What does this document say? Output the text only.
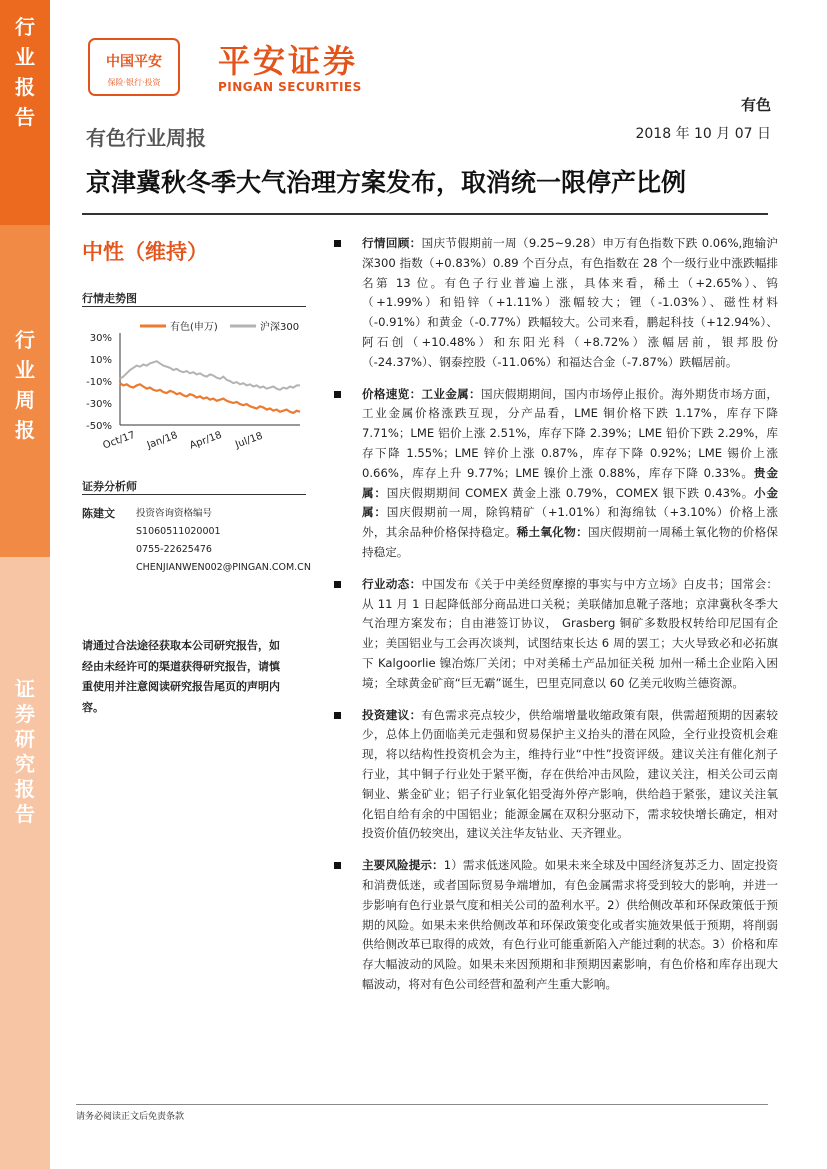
行业报告
行业周报
证券研究报告
中国平安
保险·银行·投资
平安证券
PINGAN SECURITIES
有色
2018 年 10 月 07 日
有色行业周报
京津冀秋冬季大气治理方案发布，取消统一限停产比例
中性（维持）
行情走势图
30%
10%
-10%
-30%
-50%
Oct/17 Jan/18 Apr/18 Jul/18
有色(申万)	沪深300
证券分析师
陈建文 投资咨询资格编号
S1060511020001
0755-22625476
CHENJIANWEN002@PINGAN.COM.CN
请通过合法途径获取本公司研究报告，如经由未经许可的渠道获得研究报告，请慎重使用并注意阅读研究报告尾页的声明内容。
行情回顾：国庆节假期前一周（9.25~9.28）申万有色指数下跌 0.06%,跑输沪深300 指数（+0.83%）0.89 个百分点，有色指数在 28 个一级行业中涨跌幅排名第 13 位。有色子行业普遍上涨，具体来看，稀土（+2.65%）、钨（+1.99%）和铅锌（+1.11%）涨幅较大；锂（-1.03%）、磁性材料（-0.91%）和黄金（-0.77%）跌幅较大。公司来看，鹏起科技（+12.94%）、阿石创（+10.48%）和东阳光科（+8.72%）涨幅居前，银邦股份（-24.37%）、钢泰控股（-11.06%）和福达合金（-7.87%）跌幅居前。
价格速览：工业金属：国庆假期期间，国内市场停止报价。海外期货市场方面，工业金属价格涨跌互现，分产品看，LME 铜价格下跌 1.17%，库存下降 7.71%；LME 铝价上涨 2.51%，库存下降 2.39%；LME 铅价下跌 2.29%，库存下降 1.55%；LME 锌价上涨 0.87%，库存下降 0.92%；LME 锡价上涨 0.66%，库存上升 9.77%；LME 镍价上涨 0.88%，库存下降 0.33%。贵金属：国庆假期期间 COMEX 黄金上涨 0.79%，COMEX 银下跌 0.43%。小金属：国庆假期前一周，除钨精矿（+1.01%）和海绵钛（+3.10%）价格上涨外，其余品种价格保持稳定。稀土氧化物：国庆假期前一周稀土氧化物的价格保持稳定。
行业动态：中国发布《关于中美经贸摩擦的事实与中方立场》白皮书；国常会：从 11 月 1 日起降低部分商品进口关税；美联储加息靴子落地；京津冀秋冬季大气治理方案发布；自由港签订协议， Grasberg 铜矿多数股权转给印尼国有企业；美国铝业与工会再次谈判，试图结束长达 6 周的罢工；大火导致必和必拓旗下 Kalgoorlie 镍冶炼厂关闭；中对美稀土产品加征关税 加州一稀土企业陷入困境；全球黄金矿商“巨无霸”诞生，巴里克同意以 60 亿美元收购兰德资源。
投资建议：有色需求亮点较少，供给端增量收缩政策有限，供需超预期的因素较少，总体上仍面临美元走强和贸易保护主义抬头的潜在风险，全行业投资机会难现，将以结构性投资机会为主，维持行业“中性”投资评级。建议关注有催化剂子行业，其中铜子行业处于紧平衡，存在供给冲击风险，建议关注，相关公司云南铜业、紫金矿业；铝子行业氧化铝受海外停产影响，供给趋于紧张，建议关注氧化铝自给有余的中国铝业；能源金属在双积分驱动下，需求较快增长确定，相对投资价值仍较突出，建议关注华友钴业、天齐锂业。
主要风险提示：1）需求低迷风险。如果未来全球及中国经济复苏乏力、固定投资和消费低迷，或者国际贸易争端增加，有色金属需求将受到较大的影响，并进一步影响有色行业景气度和相关公司的盈利水平。2）供给侧改革和环保政策低于预期的风险。如果未来供给侧改革和环保政策变化或者实施效果低于预期，将削弱供给侧改革已取得的成效，有色行业可能重新陷入产能过剩的状态。3）价格和库存大幅波动的风险。如果未来因预期和非预期因素影响，有色价格和库存出现大幅波动，将对有色公司经营和盈利产生重大影响。
请务必阅读正文后免责条款
